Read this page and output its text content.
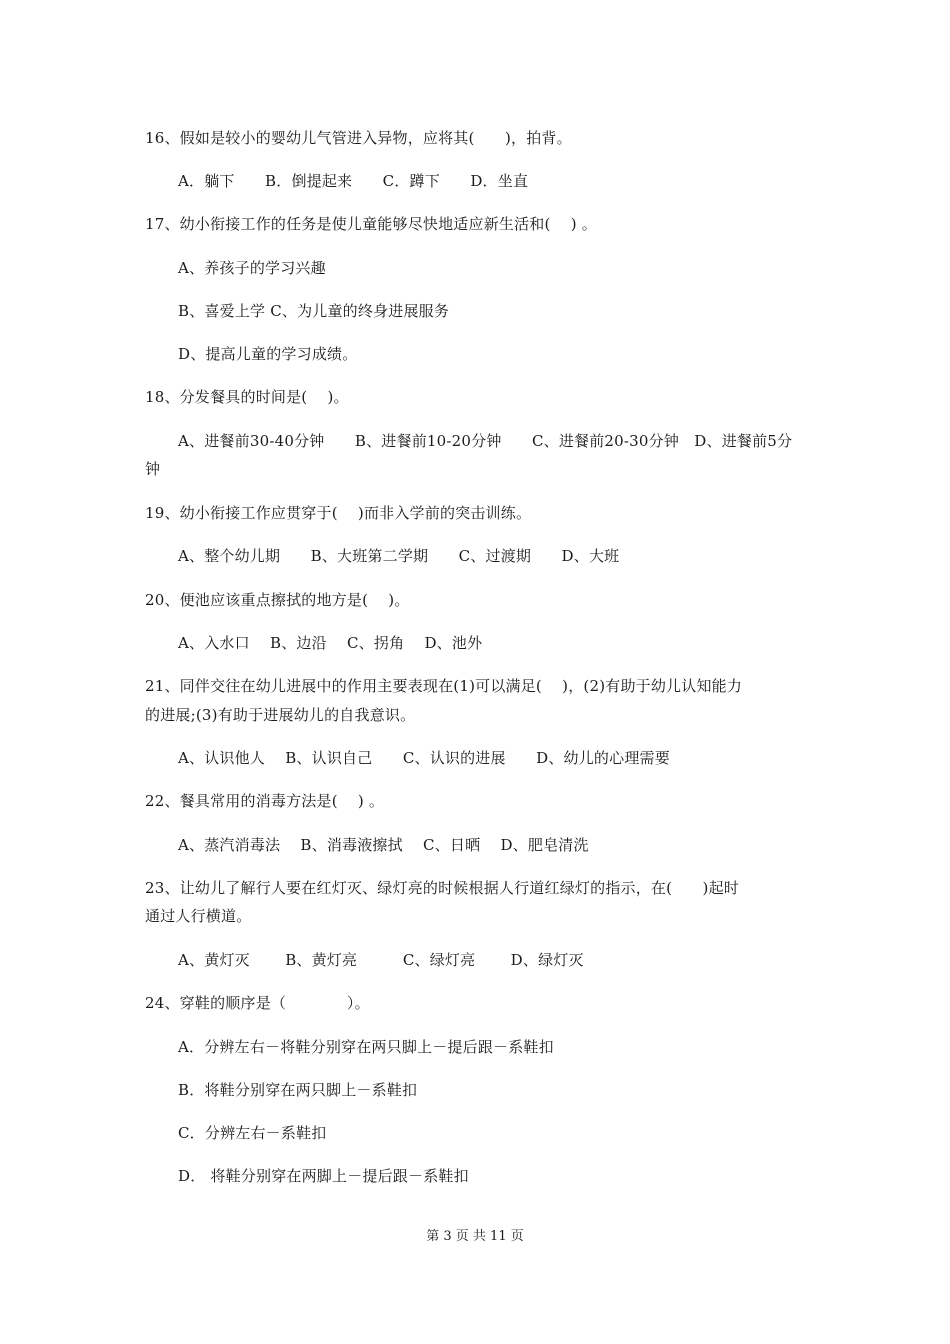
16、假如是较小的婴幼儿气管进入异物，应将其(　　)，拍背。
A．躺下　　B．倒提起来　　C．蹲下　　D．坐直
17、幼小衔接工作的任务是使儿童能够尽快地适应新生活和(　 ) 。
A、养孩子的学习兴趣
B、喜爱上学 C、为儿童的终身进展服务
D、提高儿童的学习成绩。
18、分发餐具的时间是(　 )。
A、进餐前30-40分钟　　B、进餐前10-20分钟　　C、进餐前20-30分钟　D、进餐前5分
钟
19、幼小衔接工作应贯穿于(　 )而非入学前的突击训练。
A、整个幼儿期　　B、大班第二学期　　C、过渡期　　D、大班
20、便池应该重点擦拭的地方是(　 )。
A、入水口　 B、边沿　 C、拐角　 D、池外
21、同伴交往在幼儿进展中的作用主要表现在(1)可以满足(　 )，(2)有助于幼儿认知能力
的进展;(3)有助于进展幼儿的自我意识。
A、认识他人　 B、认识自己　　C、认识的进展　　D、幼儿的心理需要
22、餐具常用的消毒方法是(　 ) 。
A、蒸汽消毒法　 B、消毒液擦拭　 C、日晒　 D、肥皂清洗
23、让幼儿了解行人要在红灯灭、绿灯亮的时候根据人行道红绿灯的指示，在(　　)起时
通过人行横道。
A、黄灯灭　　 B、黄灯亮　　　C、绿灯亮　　 D、绿灯灭
24、穿鞋的顺序是（　　　　）。
A．分辨左右－将鞋分别穿在两只脚上－提后跟－系鞋扣
B．将鞋分别穿在两只脚上－系鞋扣
C．分辨左右－系鞋扣
D． 将鞋分别穿在两脚上－提后跟－系鞋扣
第 3 页 共 11 页
